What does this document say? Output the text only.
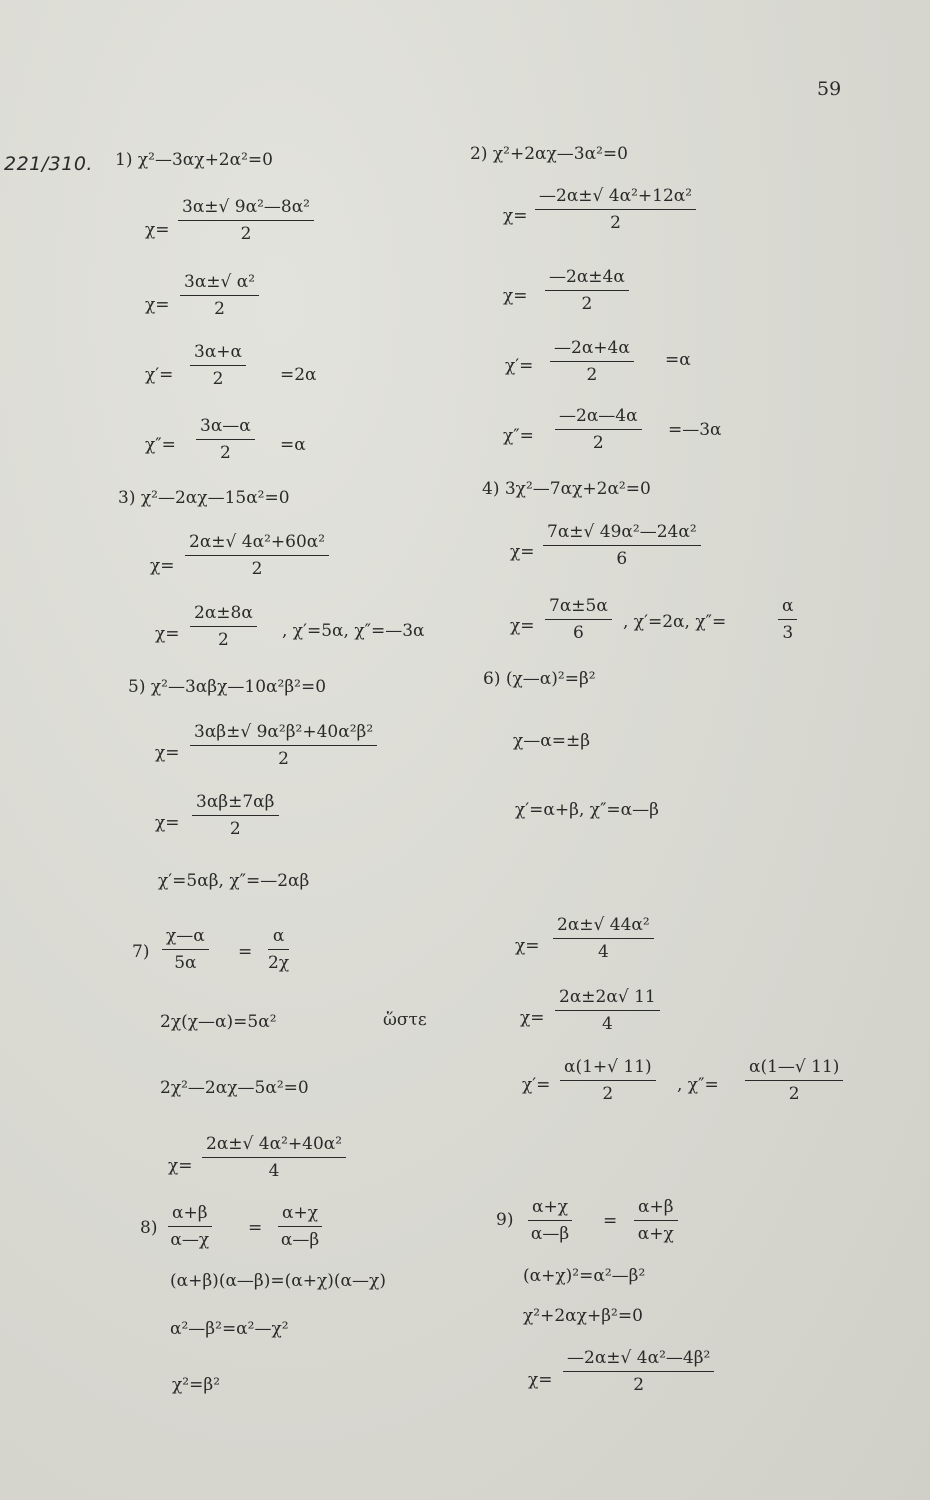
59
221/310. 1) χ²—3αχ+2α²=0
$\chi= \frac{\text{3α±√ 9α²—8α²}}{2}$
$\chi= \frac{\text{3α±√ α²}}{2}$
$\chi'= \frac{3\alpha+\alpha}{2} =2\alpha$
$\chi''= \frac{3\alpha—\alpha}{2} =\alpha$
3) χ²—2αχ—15α²=0
$\chi= \frac{\text{2α±√ 4α²+60α²}}{2}$
$\chi= \frac{2\alpha\pm 8\alpha}{2}$ , χ′=5α, χ″=—3α
5) χ²—3αβχ—10α²β²=0
$\chi= \frac{\text{3αβ±√ 9α²β²+40α²β²}}{2}$
$\chi= \frac{3\alpha\beta\pm 7\alpha\beta}{2}$
χ′=5αβ, χ″=—2αβ
$7) \frac{\chi—\alpha}{5\alpha} = \frac{\alpha}{2\chi}$
2χ(χ—α)=5α²	ὥστε
2χ²—2αχ—5α²=0
$\chi= \frac{\text{2α±√ 4α²+40α²}}{4}$
$8) \frac{\alpha+\beta}{\alpha—\chi} = \frac{\alpha+\chi}{\alpha—\beta}$
(α+β)(α—β)=(α+χ)(α—χ)
α²—β²=α²—χ²
χ²=β²
2) χ²+2αχ—3α²=0
$\chi= \frac{\text{—2α±√ 4α²+12α²}}{2}$
$\chi= \frac{—2\alpha\pm 4\alpha}{2}$
$\chi'= \frac{—2\alpha+4\alpha}{2} =\alpha$
$\chi''= \frac{—2\alpha—4\alpha}{2}$ =—3α
4) 3χ²—7αχ+2α²=0
$\chi= \frac{\text{7α±√ 49α²—24α²}}{6}$
$\chi= \frac{7\alpha\pm 5\alpha}{6}$ , χ′=2α, χ″=	$\frac{\alpha}{3}$
6) (χ—α)²=β²
χ—α=±β
χ′=α+β, χ″=α—β
$\chi= \frac{\text{2α±√ 44α²}}{4}$
$\chi= \frac{2\alpha\pm 2\alpha√ 11}{4}$
$\chi'= \frac{\alpha(1+√ 11)}{2}$ , $\chi''= \frac{\alpha(1—√ 11)}{2}$
$9) \frac{\alpha+\chi}{\alpha—\beta} = \frac{\alpha+\beta}{\alpha+\chi}$
(α+χ)²=α²—β²
χ²+2αχ+β²=0
$\chi= \frac{\text{—2α±√ 4α²—4β²}}{2}$
